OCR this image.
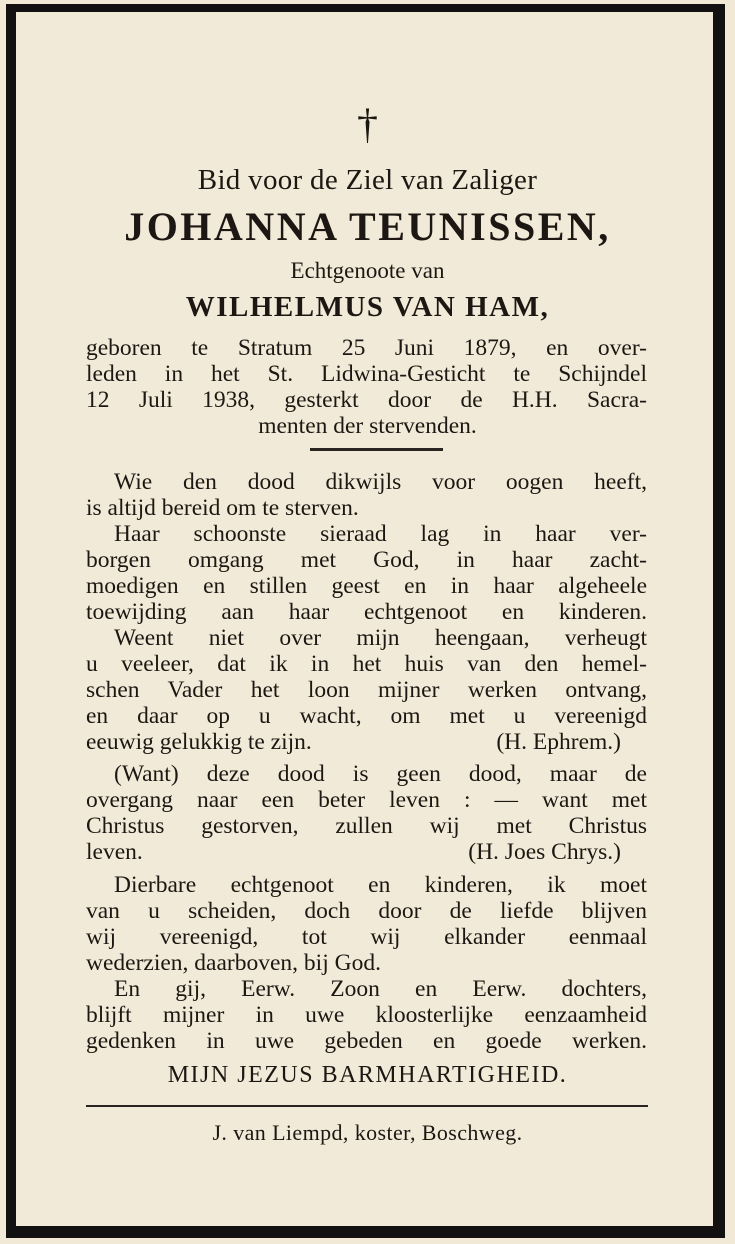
†
Bid voor de Ziel van Zaliger
JOHANNA TEUNISSEN,
Echtgenoote van
WILHELMUS VAN HAM,
geboren te Stratum 25 Juni 1879, en over-
leden in het St. Lidwina-Gesticht te Schijndel
12 Juli 1938, gesterkt door de H.H. Sacra-
menten der stervenden.
Wie den dood dikwijls voor oogen heeft,
is altijd bereid om te sterven.
Haar schoonste sieraad lag in haar ver-
borgen omgang met God, in haar zacht-
moedigen en stillen geest en in haar algeheele
toewijding aan haar echtgenoot en kinderen.
Weent niet over mijn heengaan, verheugt
u veeleer, dat ik in het huis van den hemel-
schen Vader het loon mijner werken ontvang,
en daar op u wacht, om met u vereenigd
eeuwig gelukkig te zijn.	(H. Ephrem.)
(Want) deze dood is geen dood, maar de
overgang naar een beter leven : — want met
Christus gestorven, zullen wij met Christus
leven.	(H. Joes Chrys.)
Dierbare echtgenoot en kinderen, ik moet
van u scheiden, doch door de liefde blijven
wij vereenigd, tot wij elkander eenmaal
wederzien, daarboven, bij God.
En gij, Eerw. Zoon en Eerw. dochters,
blijft mijner in uwe kloosterlijke eenzaamheid
gedenken in uwe gebeden en goede werken.
MIJN JEZUS BARMHARTIGHEID.
J. van Liempd, koster, Boschweg.
